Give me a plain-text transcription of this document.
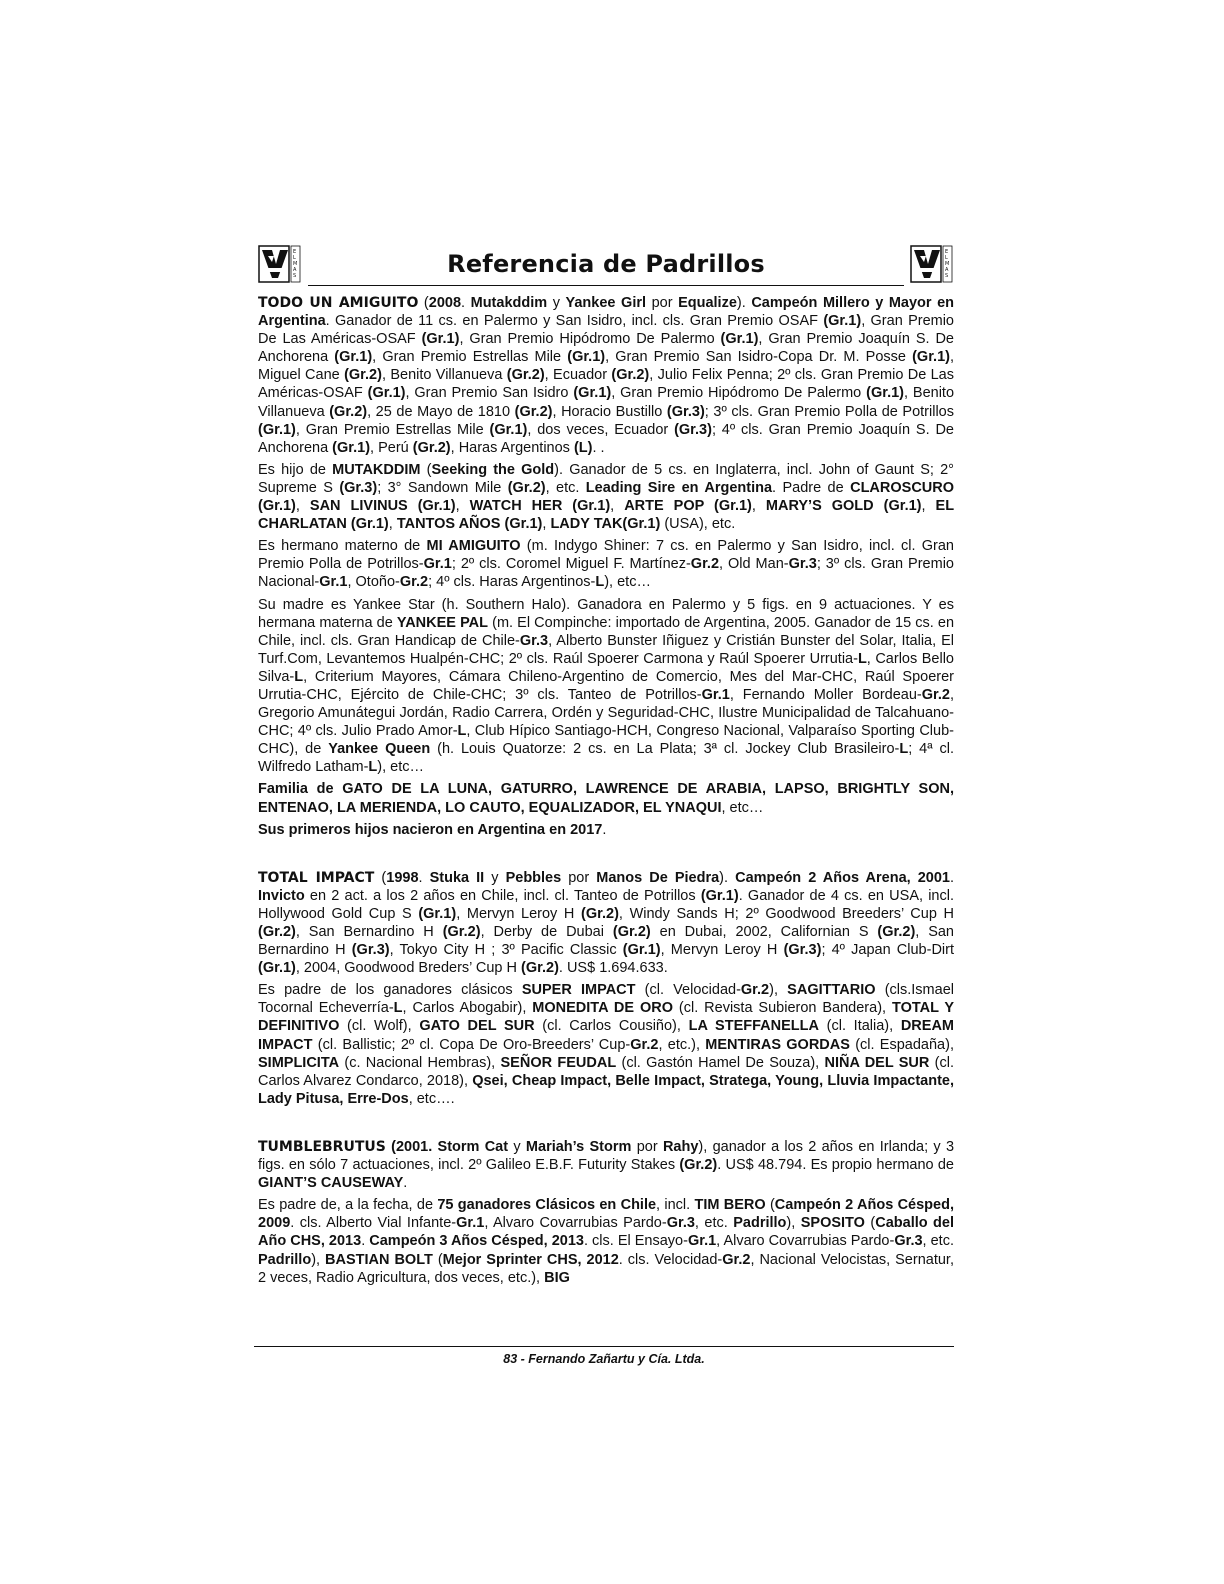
E
L
M
A
S	Referencia de Padrillos	E
L
M
A
S

TODO UN AMIGUITO (2008. Mutakddim y Yankee Girl por Equalize). Campeón Millero y Mayor en Argentina. Ganador de 11 cs. en Palermo y San Isidro, incl. cls. Gran Premio OSAF (Gr.1), Gran Premio De Las Américas-OSAF (Gr.1), Gran Premio Hipódromo De Palermo (Gr.1), Gran Premio Joaquín S. De Anchorena (Gr.1), Gran Premio Estrellas Mile (Gr.1), Gran Premio San Isidro-Copa Dr. M. Posse (Gr.1), Miguel Cane (Gr.2), Benito Villanueva (Gr.2), Ecuador (Gr.2), Julio Felix Penna; 2º cls. Gran Premio De Las Américas-OSAF (Gr.1), Gran Premio San Isidro (Gr.1), Gran Premio Hipódromo De Palermo (Gr.1), Benito Villanueva (Gr.2), 25 de Mayo de 1810 (Gr.2), Horacio Bustillo (Gr.3); 3º cls. Gran Premio Polla de Potrillos (Gr.1), Gran Premio Estrellas Mile (Gr.1), dos veces, Ecuador (Gr.3); 4º cls. Gran Premio Joaquín S. De Anchorena (Gr.1), Perú (Gr.2), Haras Argentinos (L). .

Es hijo de MUTAKDDIM (Seeking the Gold). Ganador de 5 cs. en Inglaterra, incl. John of Gaunt S; 2° Supreme S (Gr.3); 3° Sandown Mile (Gr.2), etc. Leading Sire en Argentina. Padre de CLAROSCURO (Gr.1), SAN LIVINUS (Gr.1), WATCH HER (Gr.1), ARTE POP (Gr.1), MARY’S GOLD (Gr.1), EL CHARLATAN (Gr.1), TANTOS AÑOS (Gr.1), LADY TAK(Gr.1) (USA), etc.

Es hermano materno de MI AMIGUITO (m. Indygo Shiner: 7 cs. en Palermo y San Isidro, incl. cl. Gran Premio Polla de Potrillos-Gr.1; 2º cls. Coromel Miguel F. Martínez-Gr.2, Old Man-Gr.3; 3º cls. Gran Premio Nacional-Gr.1, Otoño-Gr.2; 4º cls. Haras Argentinos-L), etc…

Su madre es Yankee Star (h. Southern Halo). Ganadora en Palermo y 5 figs. en 9 actuaciones. Y es hermana materna de YANKEE PAL (m. El Compinche: importado de Argentina, 2005. Ganador de 15 cs. en Chile, incl. cls. Gran Handicap de Chile-Gr.3, Alberto Bunster Iñiguez y Cristián Bunster del Solar, Italia, El Turf.Com, Levantemos Hualpén-CHC; 2º cls. Raúl Spoerer Carmona y Raúl Spoerer Urrutia-L, Carlos Bello Silva-L, Criterium Mayores, Cámara Chileno-Argentino de Comercio, Mes del Mar-CHC, Raúl Spoerer Urrutia-CHC, Ejército de Chile-CHC; 3º cls. Tanteo de Potrillos-Gr.1, Fernando Moller Bordeau-Gr.2, Gregorio Amunátegui Jordán, Radio Carrera, Ordén y Seguridad-CHC, Ilustre Municipalidad de Talcahuano-CHC; 4º cls. Julio Prado Amor-L, Club Hípico Santiago-HCH, Congreso Nacional, Valparaíso Sporting Club-CHC), de Yankee Queen (h. Louis Quatorze: 2 cs. en La Plata; 3ª cl. Jockey Club Brasileiro-L; 4ª cl. Wilfredo Latham-L), etc…

Familia de GATO DE LA LUNA, GATURRO, LAWRENCE DE ARABIA, LAPSO, BRIGHTLY SON, ENTENAO, LA MERIENDA, LO CAUTO, EQUALIZADOR, EL YNAQUI, etc…

Sus primeros hijos nacieron en Argentina en 2017.

TOTAL IMPACT (1998. Stuka II y Pebbles por Manos De Piedra). Campeón 2 Años Arena, 2001. Invicto en 2 act. a los 2 años en Chile, incl. cl. Tanteo de Potrillos (Gr.1). Ganador de 4 cs. en USA, incl. Hollywood Gold Cup S (Gr.1), Mervyn Leroy H (Gr.2), Windy Sands H; 2º Goodwood Breeders’ Cup H (Gr.2), San Bernardino H (Gr.2), Derby de Dubai (Gr.2) en Dubai, 2002, Californian S (Gr.2), San Bernardino H (Gr.3), Tokyo City H ; 3º Pacific Classic (Gr.1), Mervyn Leroy H (Gr.3); 4º Japan Club-Dirt (Gr.1), 2004, Goodwood Breders’ Cup H (Gr.2). US$ 1.694.633.

Es padre de los ganadores clásicos SUPER IMPACT (cl. Velocidad-Gr.2), SAGITTARIO (cls.Ismael Tocornal Echeverría-L, Carlos Abogabir), MONEDITA DE ORO (cl. Revista Subieron Bandera), TOTAL Y DEFINITIVO (cl. Wolf), GATO DEL SUR (cl. Carlos Cousiño), LA STEFFANELLA (cl. Italia), DREAM IMPACT (cl. Ballistic; 2º cl. Copa De Oro-Breeders’ Cup-Gr.2, etc.), MENTIRAS GORDAS (cl. Espadaña), SIMPLICITA (c. Nacional Hembras), SEÑOR FEUDAL (cl. Gastón Hamel De Souza), NIÑA DEL SUR (cl. Carlos Alvarez Condarco, 2018), Qsei, Cheap Impact, Belle Impact, Stratega, Young, Lluvia Impactante, Lady Pitusa, Erre-Dos, etc….

TUMBLEBRUTUS (2001. Storm Cat y Mariah’s Storm por Rahy), ganador a los 2 años en Irlanda; y 3 figs. en sólo 7 actuaciones, incl. 2º Galileo E.B.F. Futurity Stakes (Gr.2). US$ 48.794. Es propio hermano de GIANT’S CAUSEWAY.

Es padre de, a la fecha, de 75 ganadores Clásicos en Chile, incl. TIM BERO (Campeón 2 Años Césped, 2009. cls. Alberto Vial Infante-Gr.1, Alvaro Covarrubias Pardo-Gr.3, etc. Padrillo), SPOSITO (Caballo del Año CHS, 2013. Campeón 3 Años Césped, 2013. cls. El Ensayo-Gr.1, Alvaro Covarrubias Pardo-Gr.3, etc. Padrillo), BASTIAN BOLT (Mejor Sprinter CHS, 2012. cls. Velocidad-Gr.2, Nacional Velocistas, Sernatur, 2 veces, Radio Agricultura, dos veces, etc.), BIG

83 - Fernando Zañartu y Cía. Ltda.
